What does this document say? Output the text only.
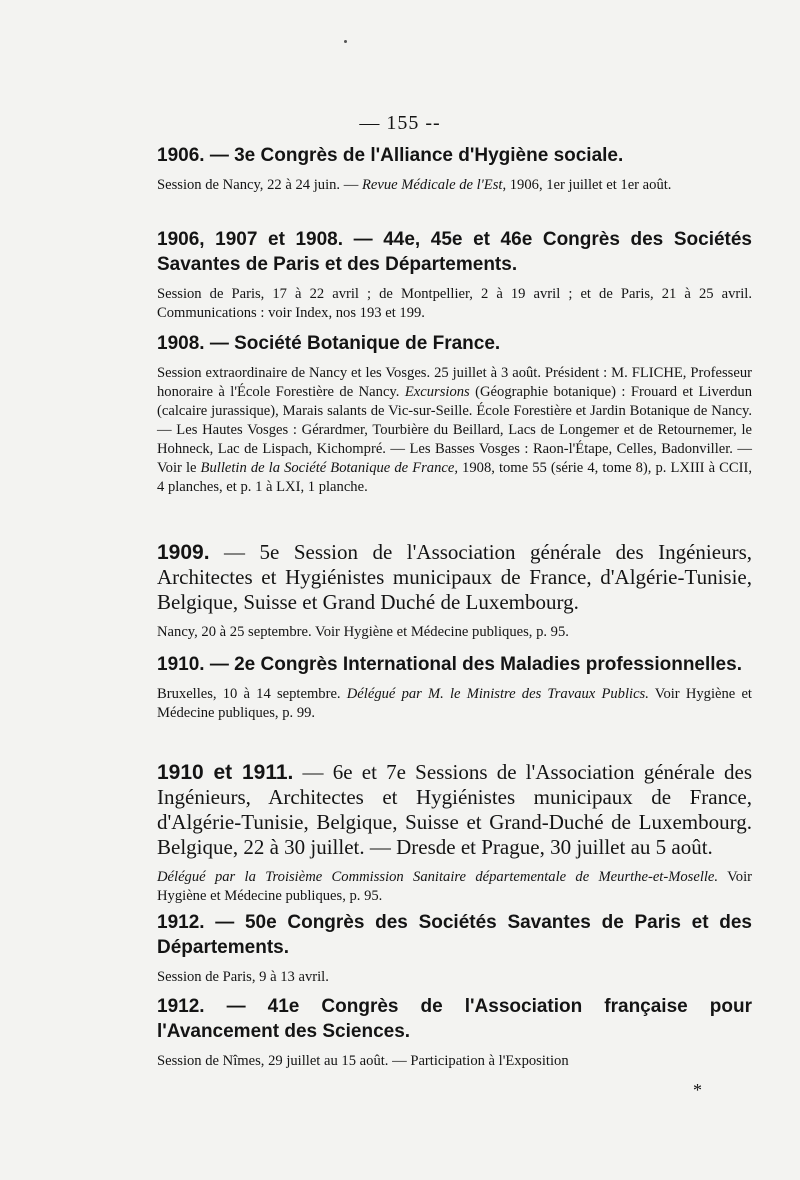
— 155 --

1906. — 3e Congrès de l'Alliance d'Hygiène sociale.

Session de Nancy, 22 à 24 juin. — Revue Médicale de l'Est, 1906, 1er juillet et 1er août.

1906, 1907 et 1908. — 44e, 45e et 46e Congrès des Sociétés Savantes de Paris et des Départements.

Session de Paris, 17 à 22 avril ; de Montpellier, 2 à 19 avril ; et de Paris, 21 à 25 avril. Communications : voir Index, nos 193 et 199.

1908. — Société Botanique de France.

Session extraordinaire de Nancy et les Vosges. 25 juillet à 3 août. Président : M. FLICHE, Professeur honoraire à l'École Forestière de Nancy. Excursions (Géographie botanique) : Frouard et Liverdun (calcaire jurassique), Marais salants de Vic-sur-Seille. École Forestière et Jardin Botanique de Nancy. — Les Hautes Vosges : Gérardmer, Tourbière du Beillard, Lacs de Longemer et de Retournemer, le Hohneck, Lac de Lispach, Kichompré. — Les Basses Vosges : Raon-l'Étape, Celles, Badonviller. — Voir le Bulletin de la Société Botanique de France, 1908, tome 55 (série 4, tome 8), p. LXIII à CCII, 4 planches, et p. 1 à LXI, 1 planche.

1909. — 5e Session de l'Association générale des Ingénieurs, Architectes et Hygiénistes municipaux de France, d'Algérie-Tunisie, Belgique, Suisse et Grand Duché de Luxembourg.

Nancy, 20 à 25 septembre. Voir Hygiène et Médecine publiques, p. 95.

1910. — 2e Congrès International des Maladies professionnelles.

Bruxelles, 10 à 14 septembre. Délégué par M. le Ministre des Travaux Publics. Voir Hygiène et Médecine publiques, p. 99.

1910 et 1911. — 6e et 7e Sessions de l'Association générale des Ingénieurs, Architectes et Hygiénistes municipaux de France, d'Algérie-Tunisie, Belgique, Suisse et Grand-Duché de Luxembourg. Belgique, 22 à 30 juillet. — Dresde et Prague, 30 juillet au 5 août.

Délégué par la Troisième Commission Sanitaire départementale de Meurthe-et-Moselle. Voir Hygiène et Médecine publiques, p. 95.

1912. — 50e Congrès des Sociétés Savantes de Paris et des Départements.

Session de Paris, 9 à 13 avril.

1912. — 41e Congrès de l'Association française pour l'Avancement des Sciences.

Session de Nîmes, 29 juillet au 15 août. — Participation à l'Exposition

*
